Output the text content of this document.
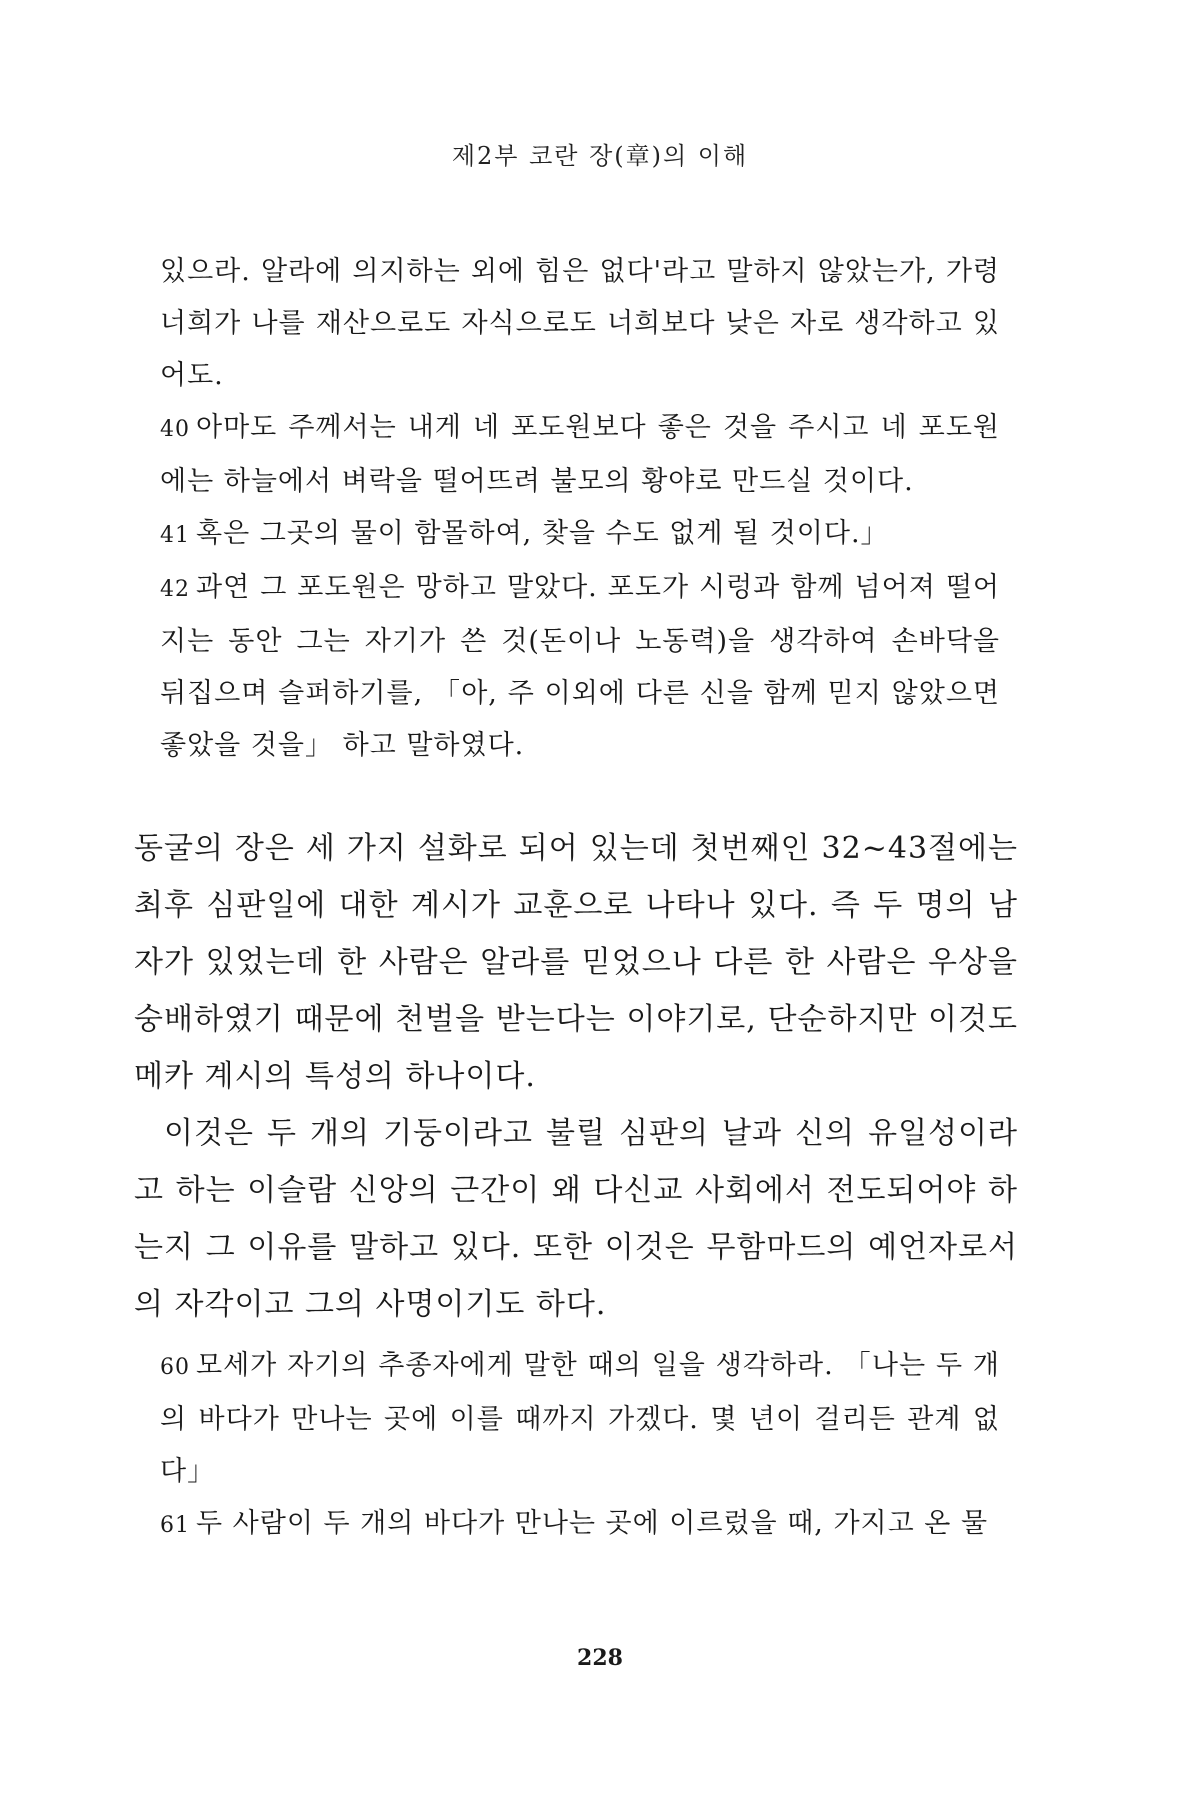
제2부 코란 장(章)의 이해

있으라. 알라에 의지하는 외에 힘은 없다'라고 말하지 않았는가, 가령 너희가 나를 재산으로도 자식으로도 너희보다 낮은 자로 생각하고 있어도.

40 아마도 주께서는 내게 네 포도원보다 좋은 것을 주시고 네 포도원에는 하늘에서 벼락을 떨어뜨려 불모의 황야로 만드실 것이다.

41 혹은 그곳의 물이 함몰하여, 찾을 수도 없게 될 것이다.」

42 과연 그 포도원은 망하고 말았다. 포도가 시렁과 함께 넘어져 떨어지는 동안 그는 자기가 쓴 것(돈이나 노동력)을 생각하여 손바닥을 뒤집으며 슬퍼하기를, 「아, 주 이외에 다른 신을 함께 믿지 않았으면 좋았을 것을」 하고 말하였다.

동굴의 장은 세 가지 설화로 되어 있는데 첫번째인 32~43절에는 최후 심판일에 대한 계시가 교훈으로 나타나 있다. 즉 두 명의 남자가 있었는데 한 사람은 알라를 믿었으나 다른 한 사람은 우상을 숭배하였기 때문에 천벌을 받는다는 이야기로, 단순하지만 이것도 메카 계시의 특성의 하나이다.

이것은 두 개의 기둥이라고 불릴 심판의 날과 신의 유일성이라고 하는 이슬람 신앙의 근간이 왜 다신교 사회에서 전도되어야 하는지 그 이유를 말하고 있다. 또한 이것은 무함마드의 예언자로서의 자각이고 그의 사명이기도 하다.

60 모세가 자기의 추종자에게 말한 때의 일을 생각하라. 「나는 두 개의 바다가 만나는 곳에 이를 때까지 가겠다. 몇 년이 걸리든 관계 없다」

61 두 사람이 두 개의 바다가 만나는 곳에 이르렀을 때, 가지고 온 물

228
